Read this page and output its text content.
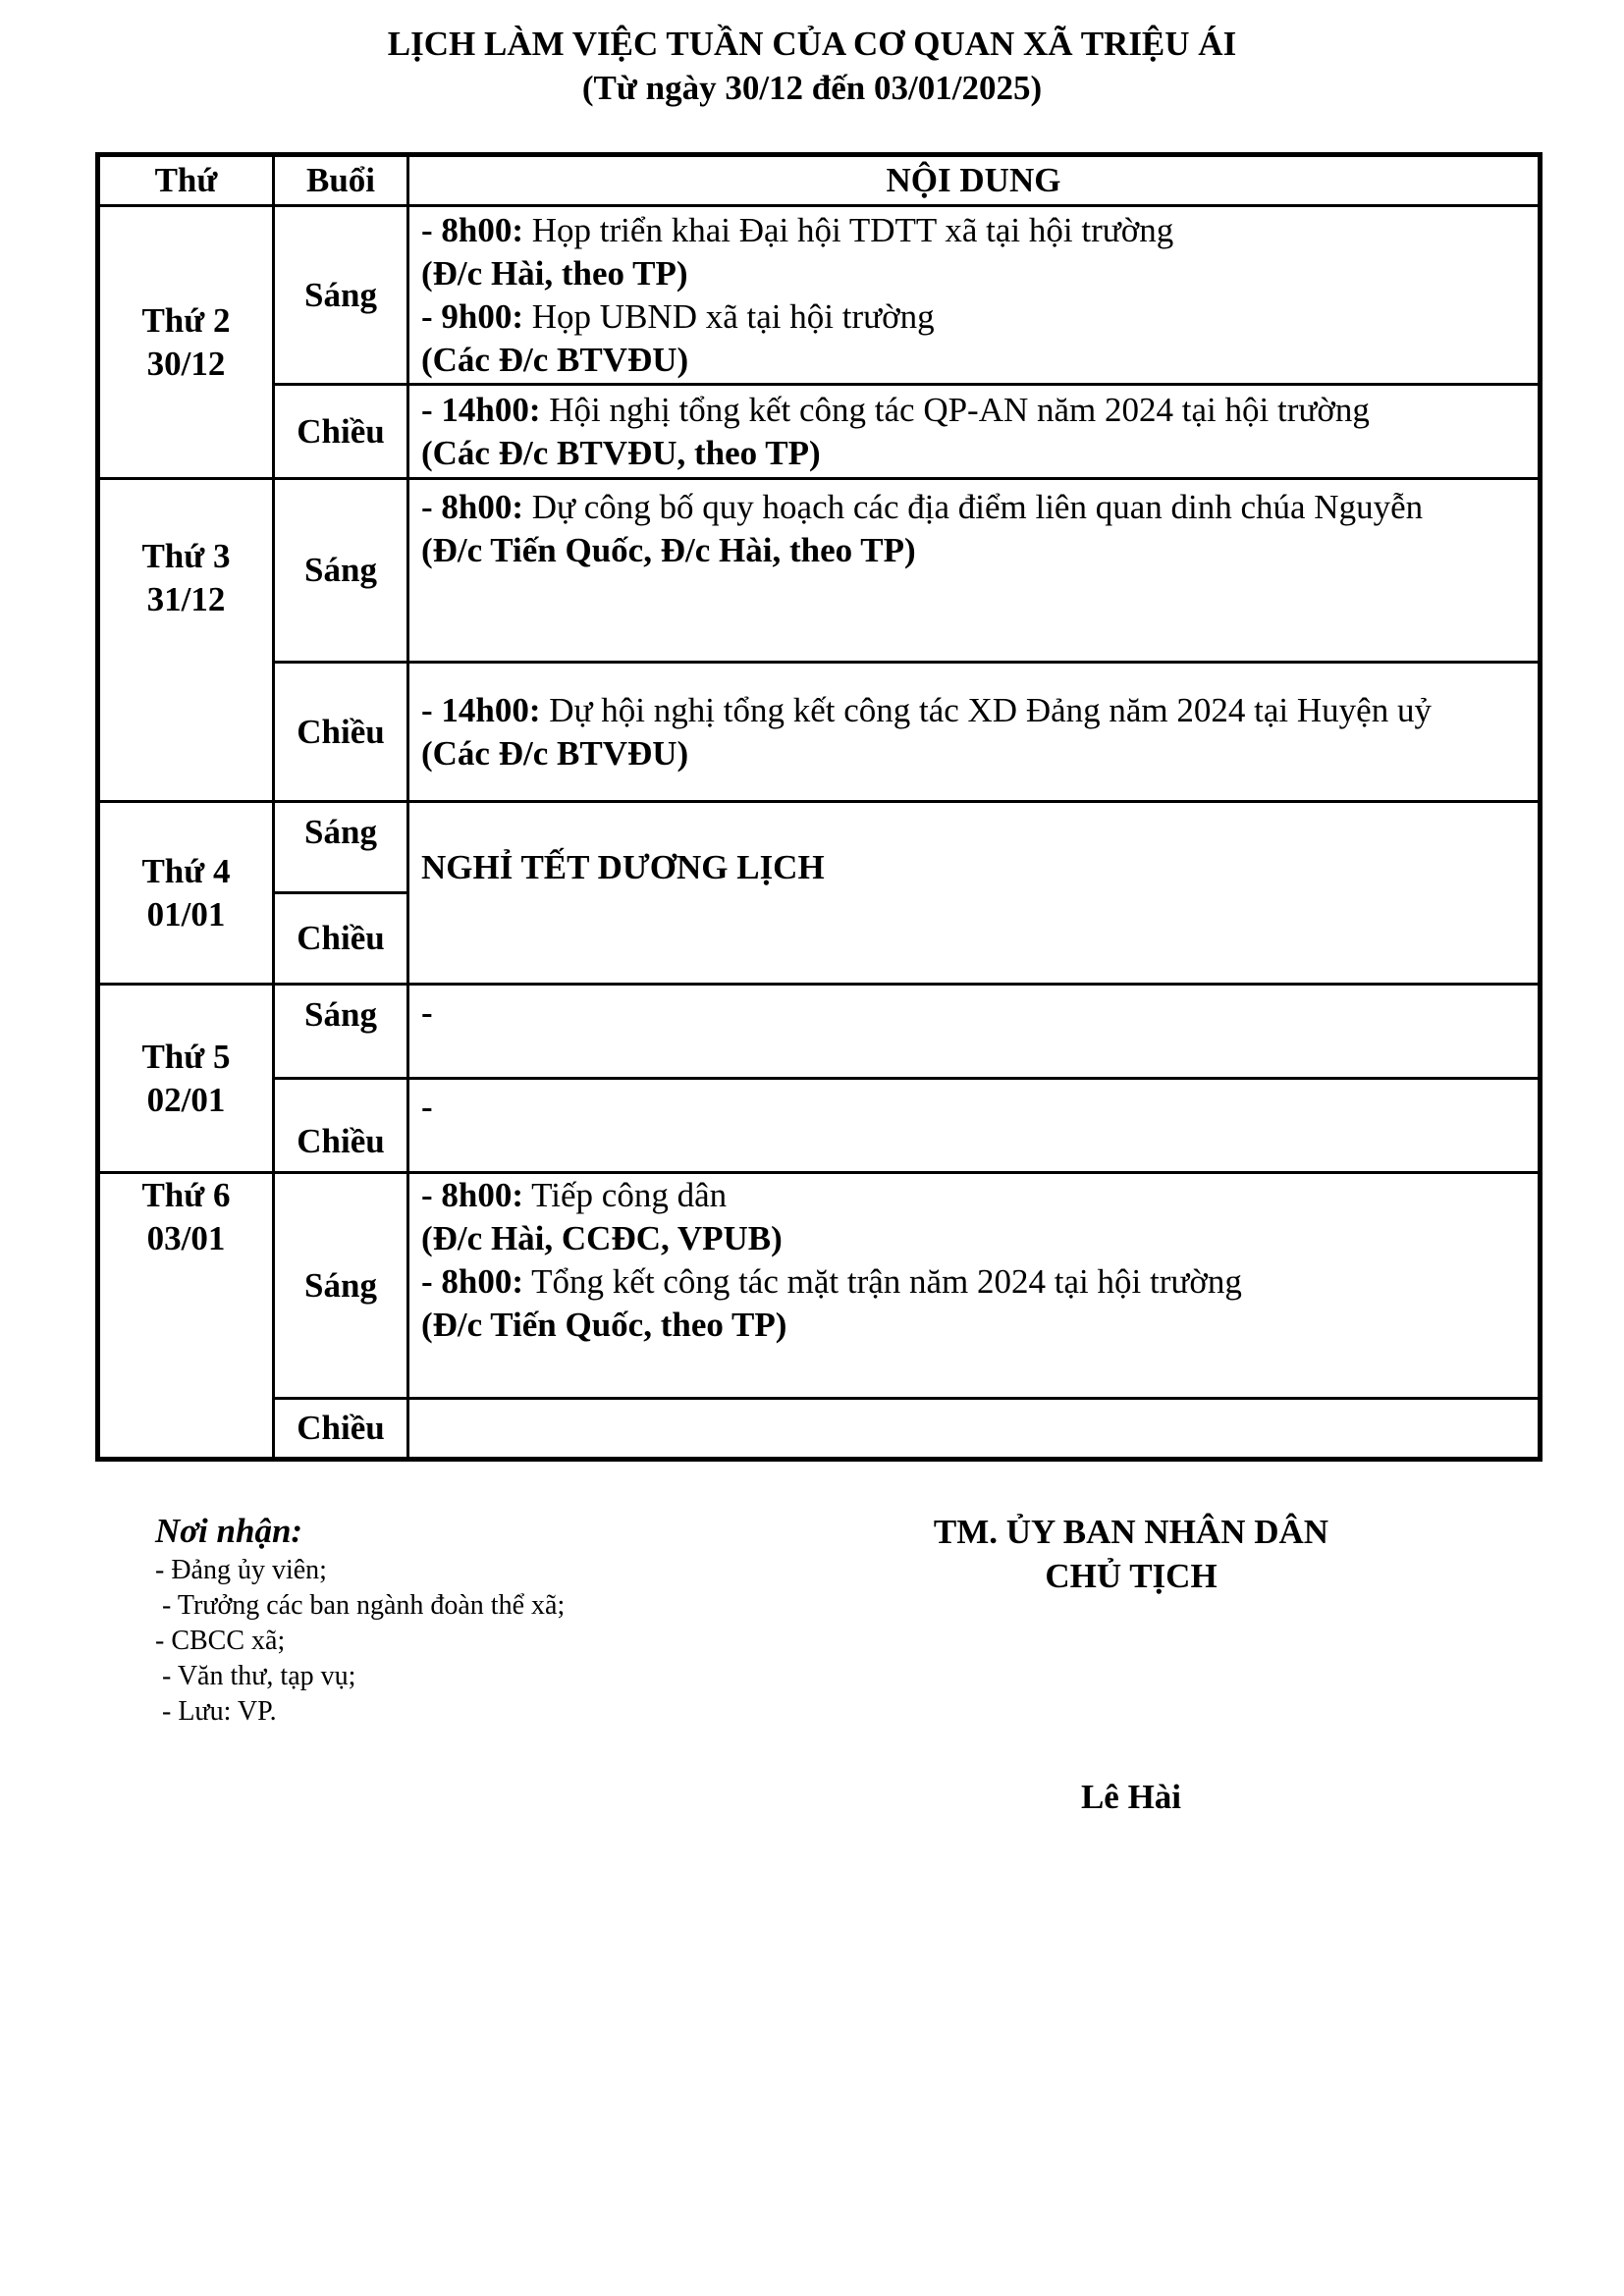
LỊCH LÀM VIỆC TUẦN CỦA CƠ QUAN XÃ TRIỆU ÁI
(Từ ngày 30/12 đến 03/01/2025)
Thứ	Buổi	NỘI DUNG

Thứ 2
30/12	Sáng	- 8h00: Họp triển khai Đại hội TDTT xã tại hội trường
(Đ/c Hài, theo TP)
- 9h00: Họp UBND xã tại hội trường
(Các Đ/c BTVĐU)

	Chiều	- 14h00: Hội nghị tổng kết công tác QP-AN năm 2024 tại hội trường
(Các Đ/c BTVĐU, theo TP)

Thứ 3
31/12	Sáng	- 8h00: Dự công bố quy hoạch các địa điểm liên quan dinh chúa Nguyễn
(Đ/c Tiến Quốc, Đ/c Hài, theo TP)

	Chiều	- 14h00: Dự hội nghị tổng kết công tác XD Đảng năm 2024 tại Huyện uỷ
(Các Đ/c BTVĐU)

Thứ 4
01/01	Sáng	NGHỈ TẾT DƯƠNG LỊCH

	Chiều	

Thứ 5
02/01	Sáng	-
	Chiều	-

Thứ 6
03/01	Sáng	- 8h00: Tiếp công dân
(Đ/c Hài, CCĐC, VPUB)
- 8h00: Tổng kết công tác mặt trận năm 2024 tại hội trường
(Đ/c Tiến Quốc, theo TP)

	Chiều	
Nơi nhận:
- Đảng ủy viên;
- Trưởng các ban ngành đoàn thể xã;
- CBCC xã;
- Văn thư, tạp vụ;
- Lưu: VP.
TM. ỦY BAN NHÂN DÂN
CHỦ TỊCH
Lê Hài
